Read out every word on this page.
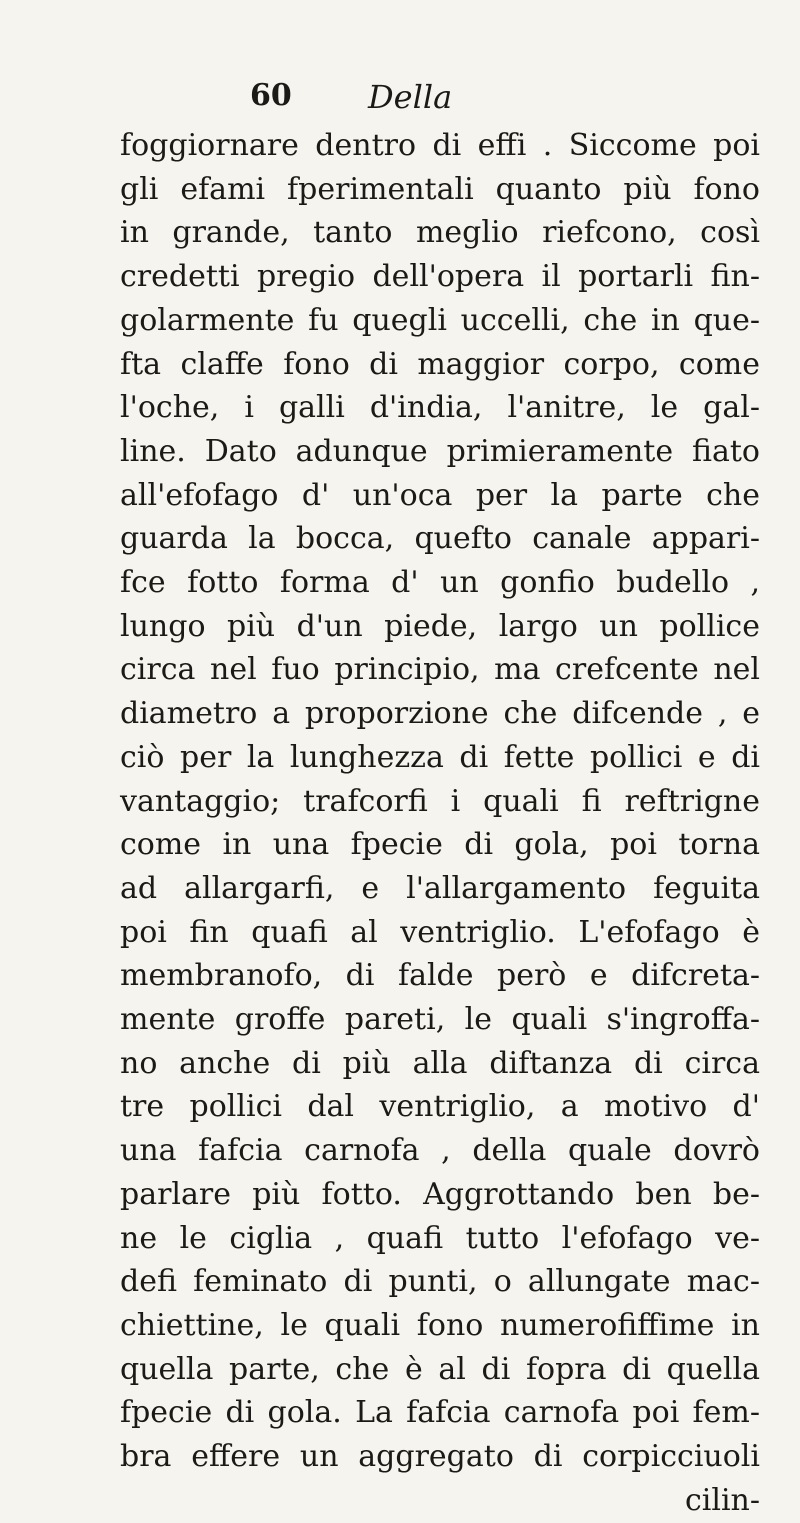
60 Della
foggiornare dentro di effi . Siccome poi
gli efami fperimentali quanto più fono
in grande, tanto meglio riefcono, così
credetti pregio dell'opera il portarli fin-
golarmente fu quegli uccelli, che in que-
fta claffe fono di maggior corpo, come
l'oche, i galli d'india, l'anitre, le gal-
line. Dato adunque primieramente fiato
all'efofago d' un'oca per la parte che
guarda la bocca, quefto canale appari-
fce fotto forma d' un gonfio budello ,
lungo più d'un piede, largo un pollice
circa nel fuo principio, ma crefcente nel
diametro a proporzione che difcende , e
ciò per la lunghezza di fette pollici e di
vantaggio; trafcorfi i quali fi reftrigne
come in una fpecie di gola, poi torna
ad allargarfi, e l'allargamento feguita
poi fin quafi al ventriglio. L'efofago è
membranofo, di falde però e difcreta-
mente groffe pareti, le quali s'ingroffa-
no anche di più alla diftanza di circa
tre pollici dal ventriglio, a motivo d'
una fafcia carnofa , della quale dovrò
parlare più fotto. Aggrottando ben be-
ne le ciglia , quafi tutto l'efofago ve-
defi feminato di punti, o allungate mac-
chiettine, le quali fono numerofiffime in
quella parte, che è al di fopra di quella
fpecie di gola. La fafcia carnofa poi fem-
bra effere un aggregato di corpicciuoli
cilin-
